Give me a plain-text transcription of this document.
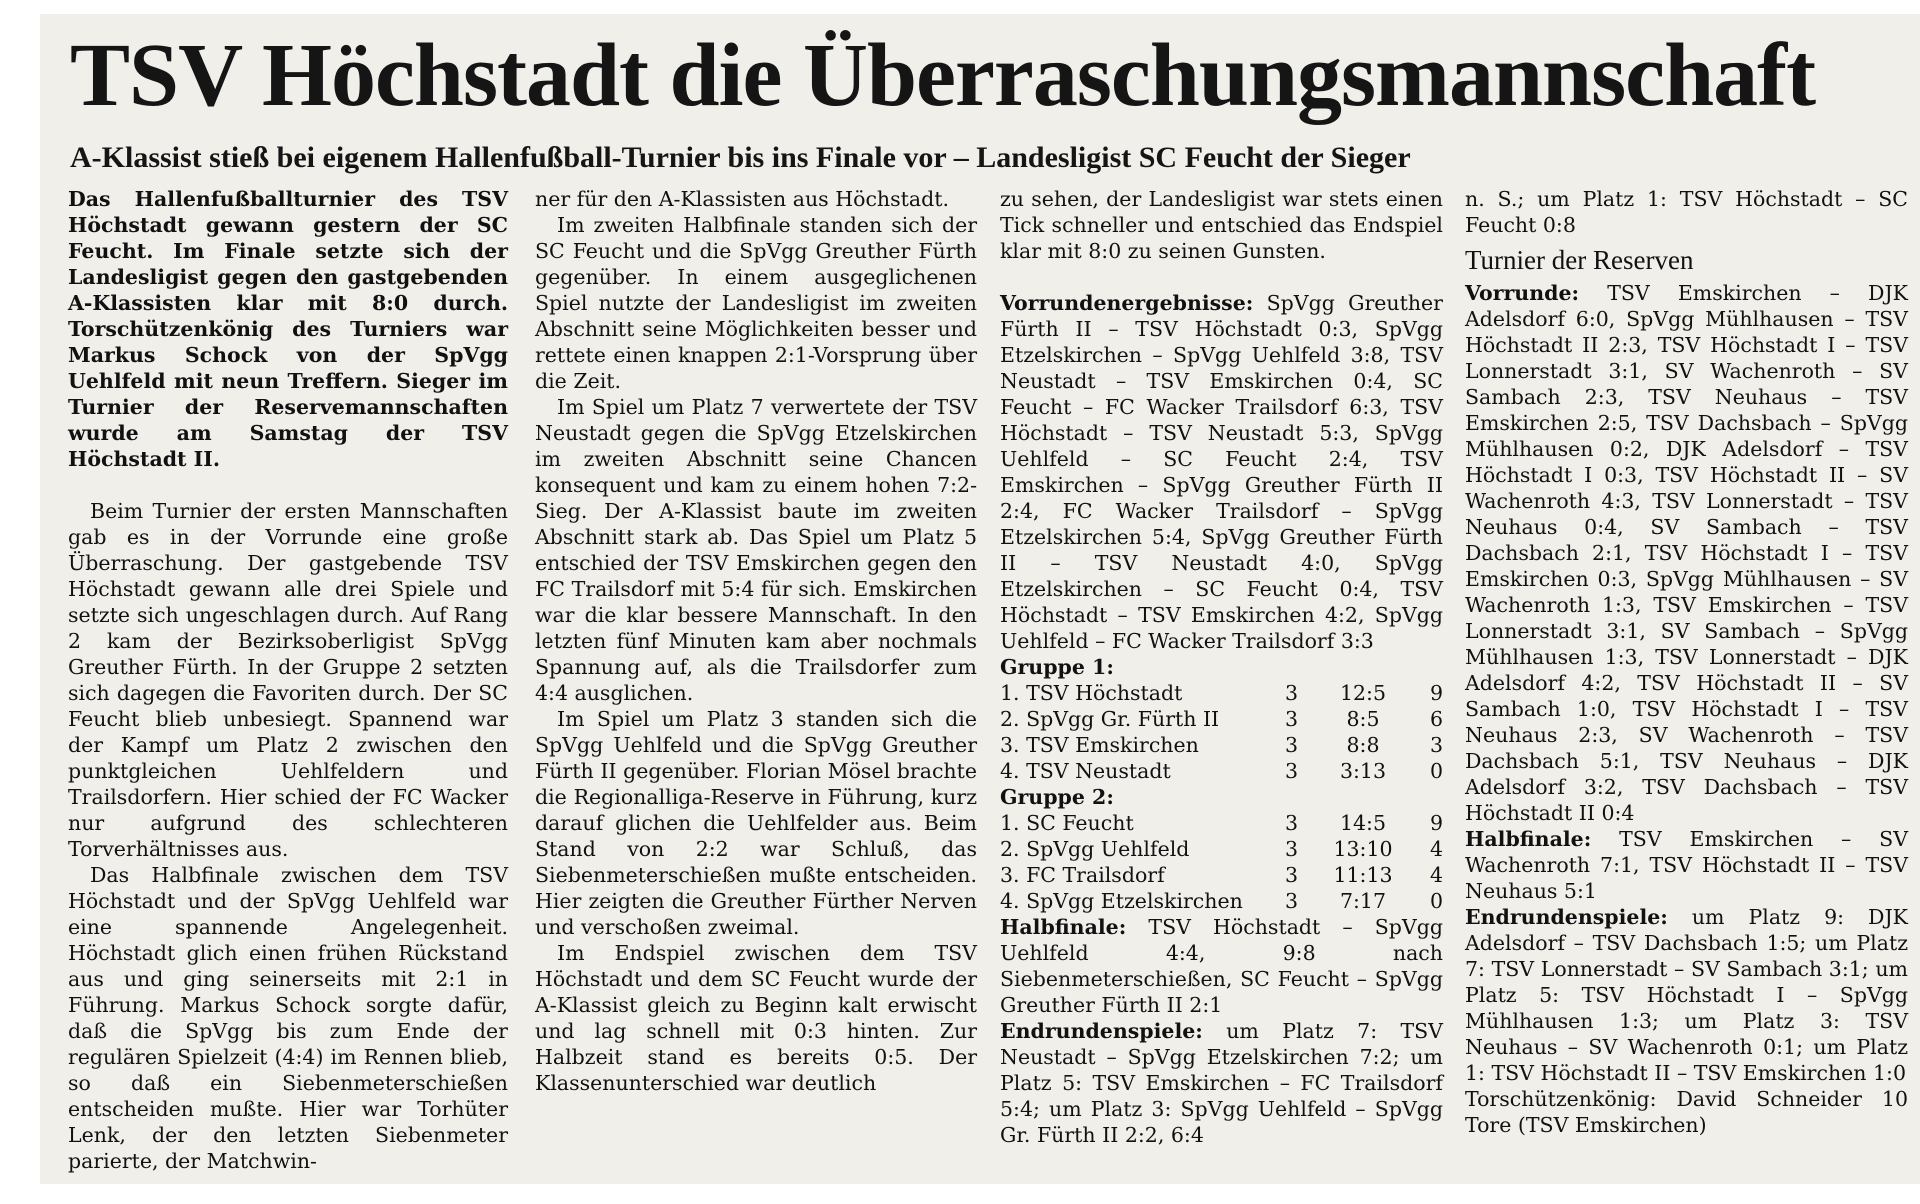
TSV Höchstadt die Überraschungsmannschaft
A-Klassist stieß bei eigenem Hallenfußball-Turnier bis ins Finale vor – Landesligist SC Feucht der Sieger

Das Hallenfußballturnier des TSV Höchstadt gewann gestern der SC Feucht. Im Finale setzte sich der Landesligist gegen den gastgebenden A-Klassisten klar mit 8:0 durch. Torschützenkönig des Turniers war Markus Schock von der SpVgg Uehlfeld mit neun Treffern. Sieger im Turnier der Reservemannschaften wurde am Samstag der TSV Höchstadt II.

Beim Turnier der ersten Mannschaften gab es in der Vorrunde eine große Überraschung. Der gastgebende TSV Höchstadt gewann alle drei Spiele und setzte sich ungeschlagen durch. Auf Rang 2 kam der Bezirksoberligist SpVgg Greuther Fürth. In der Gruppe 2 setzten sich dagegen die Favoriten durch. Der SC Feucht blieb unbesiegt. Spannend war der Kampf um Platz 2 zwischen den punktgleichen Uehlfeldern und Trailsdorfern. Hier schied der FC Wacker nur aufgrund des schlechteren Torverhältnisses aus.

Das Halbfinale zwischen dem TSV Höchstadt und der SpVgg Uehlfeld war eine spannende Angelegenheit. Höchstadt glich einen frühen Rückstand aus und ging seinerseits mit 2:1 in Führung. Markus Schock sorgte dafür, daß die SpVgg bis zum Ende der regulären Spielzeit (4:4) im Rennen blieb, so daß ein Siebenmeterschießen entscheiden mußte. Hier war Torhüter Lenk, der den letzten Siebenmeter parierte, der Matchwin-

ner für den A-Klassisten aus Höchstadt.

Im zweiten Halbfinale standen sich der SC Feucht und die SpVgg Greuther Fürth gegenüber. In einem ausgeglichenen Spiel nutzte der Landesligist im zweiten Abschnitt seine Möglichkeiten besser und rettete einen knappen 2:1-Vorsprung über die Zeit.

Im Spiel um Platz 7 verwertete der TSV Neustadt gegen die SpVgg Etzelskirchen im zweiten Abschnitt seine Chancen konsequent und kam zu einem hohen 7:2-Sieg. Der A-Klassist baute im zweiten Abschnitt stark ab. Das Spiel um Platz 5 entschied der TSV Emskirchen gegen den FC Trailsdorf mit 5:4 für sich. Emskirchen war die klar bessere Mannschaft. In den letzten fünf Minuten kam aber nochmals Spannung auf, als die Trailsdorfer zum 4:4 ausglichen.

Im Spiel um Platz 3 standen sich die SpVgg Uehlfeld und die SpVgg Greuther Fürth II gegenüber. Florian Mösel brachte die Regionalliga-Reserve in Führung, kurz darauf glichen die Uehlfelder aus. Beim Stand von 2:2 war Schluß, das Siebenmeterschießen mußte entscheiden. Hier zeigten die Greuther Fürther Nerven und verschoßen zweimal.

Im Endspiel zwischen dem TSV Höchstadt und dem SC Feucht wurde der A-Klassist gleich zu Beginn kalt erwischt und lag schnell mit 0:3 hinten. Zur Halbzeit stand es bereits 0:5. Der Klassenunterschied war deutlich

zu sehen, der Landesligist war stets einen Tick schneller und entschied das Endspiel klar mit 8:0 zu seinen Gunsten.

Vorrundenergebnisse: SpVgg Greuther Fürth II – TSV Höchstadt 0:3, SpVgg Etzelskirchen – SpVgg Uehlfeld 3:8, TSV Neustadt – TSV Emskirchen 0:4, SC Feucht – FC Wacker Trailsdorf 6:3, TSV Höchstadt – TSV Neustadt 5:3, SpVgg Uehlfeld – SC Feucht 2:4, TSV Emskirchen – SpVgg Greuther Fürth II 2:4, FC Wacker Trailsdorf – SpVgg Etzelskirchen 5:4, SpVgg Greuther Fürth II – TSV Neustadt 4:0, SpVgg Etzelskirchen – SC Feucht 0:4, TSV Höchstadt – TSV Emskirchen 4:2, SpVgg Uehlfeld – FC Wacker Trailsdorf 3:3

Gruppe 1:

1. TSV Höchstadt	3	12:5	9
2. SpVgg Gr. Fürth II	3	8:5	6
3. TSV Emskirchen	3	8:8	3
4. TSV Neustadt	3	3:13	0

Gruppe 2:

1. SC Feucht	3	14:5	9
2. SpVgg Uehlfeld	3	13:10	4
3. FC Trailsdorf	3	11:13	4
4. SpVgg Etzelskirchen	3	7:17	0

Halbfinale: TSV Höchstadt – SpVgg Uehlfeld 4:4, 9:8 nach Siebenmeterschießen, SC Feucht – SpVgg Greuther Fürth II 2:1

Endrundenspiele: um Platz 7: TSV Neustadt – SpVgg Etzelskirchen 7:2; um Platz 5: TSV Emskirchen – FC Trailsdorf 5:4; um Platz 3: SpVgg Uehlfeld – SpVgg Gr. Fürth II 2:2, 6:4

n. S.; um Platz 1: TSV Höchstadt – SC Feucht 0:8

Turnier der Reserven

Vorrunde: TSV Emskirchen – DJK Adelsdorf 6:0, SpVgg Mühlhausen – TSV Höchstadt II 2:3, TSV Höchstadt I – TSV Lonnerstadt 3:1, SV Wachenroth – SV Sambach 2:3, TSV Neuhaus – TSV Emskirchen 2:5, TSV Dachsbach – SpVgg Mühlhausen 0:2, DJK Adelsdorf – TSV Höchstadt I 0:3, TSV Höchstadt II – SV Wachenroth 4:3, TSV Lonnerstadt – TSV Neuhaus 0:4, SV Sambach – TSV Dachsbach 2:1, TSV Höchstadt I – TSV Emskirchen 0:3, SpVgg Mühlhausen – SV Wachenroth 1:3, TSV Emskirchen – TSV Lonnerstadt 3:1, SV Sambach – SpVgg Mühlhausen 1:3, TSV Lonnerstadt – DJK Adelsdorf 4:2, TSV Höchstadt II – SV Sambach 1:0, TSV Höchstadt I – TSV Neuhaus 2:3, SV Wachenroth – TSV Dachsbach 5:1, TSV Neuhaus – DJK Adelsdorf 3:2, TSV Dachsbach – TSV Höchstadt II 0:4

Halbfinale: TSV Emskirchen – SV Wachenroth 7:1, TSV Höchstadt II – TSV Neuhaus 5:1

Endrundenspiele: um Platz 9: DJK Adelsdorf – TSV Dachsbach 1:5; um Platz 7: TSV Lonnerstadt – SV Sambach 3:1; um Platz 5: TSV Höchstadt I – SpVgg Mühlhausen 1:3; um Platz 3: TSV Neuhaus – SV Wachenroth 0:1; um Platz 1: TSV Höchstadt II – TSV Emskirchen 1:0

Torschützenkönig: David Schneider 10 Tore (TSV Emskirchen)
